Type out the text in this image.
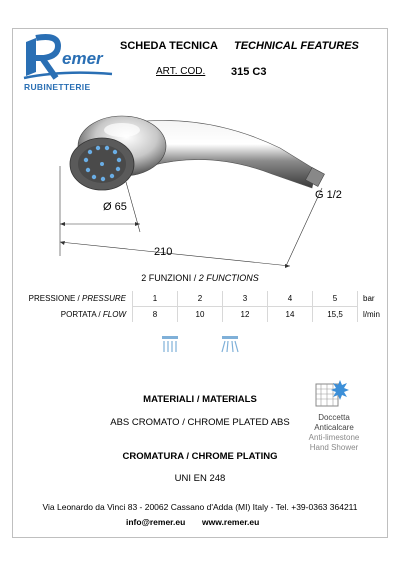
emer
RUBINETTERIE
SCHEDA TECNICA TECHNICAL FEATURES
ART. COD. 315 C3
Ø 65
G 1/2
210
2 FUNZIONI / 2 FUNCTIONS
PRESSIONE / PRESSURE	1	2	3	4	5	bar
PORTATA / FLOW	8	10	12	14	15,5	l/min
MATERIALI / MATERIALS
ABS CROMATO / CHROME PLATED ABS
CROMATURA / CHROME PLATING
UNI EN 248
Doccetta
Anticalcare
Anti-limestone
Hand Shower
Via Leonardo da Vinci 83 - 20062 Cassano d'Adda (MI) Italy - Tel. +39-0363 364211
info@remer.eu www.remer.eu
